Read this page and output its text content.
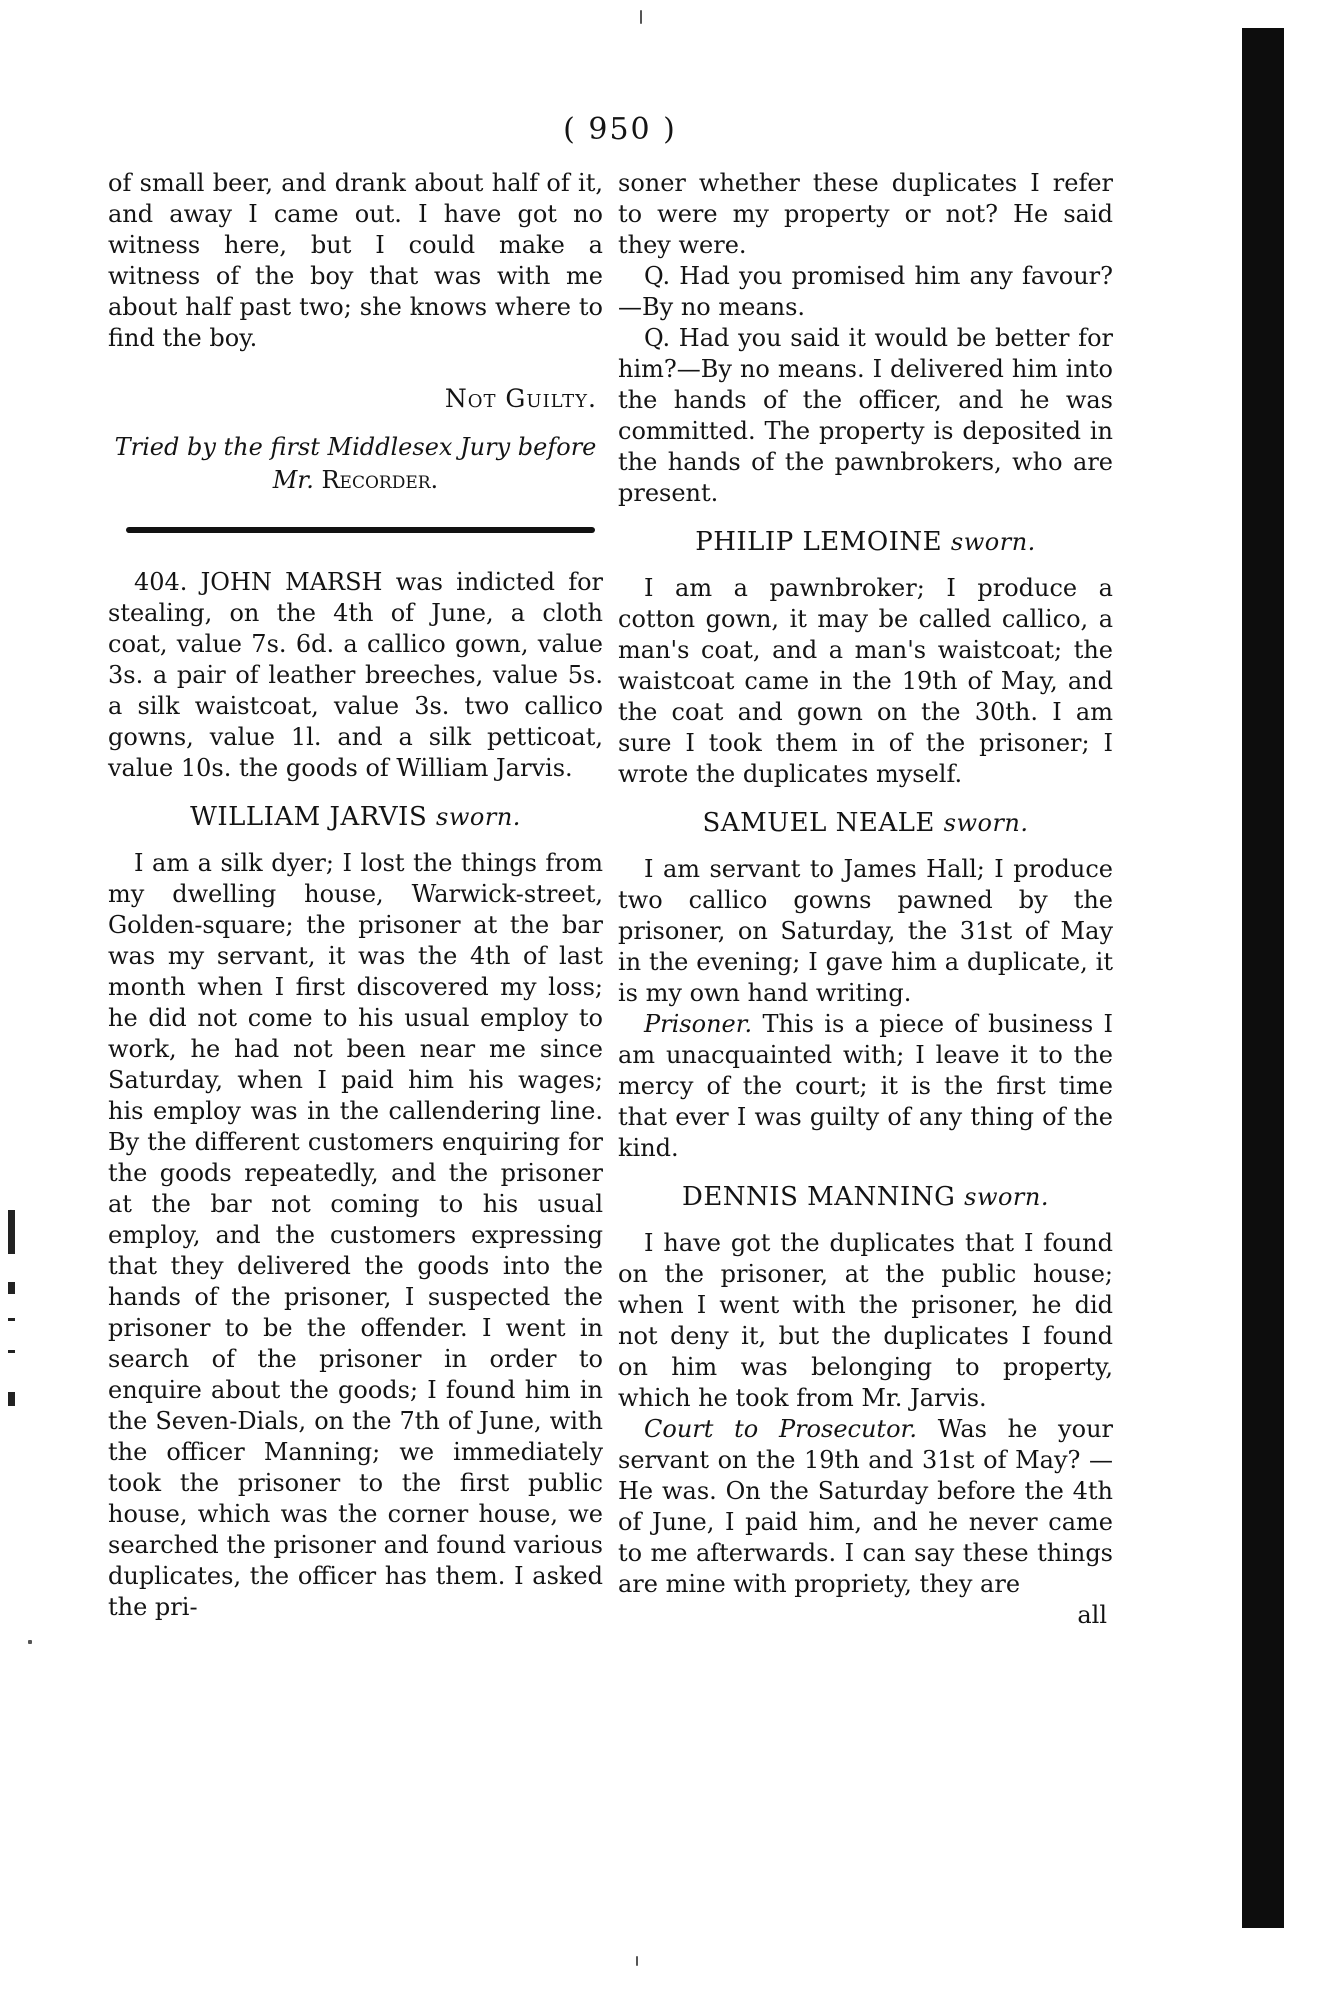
( 950 )

of small beer, and drank about half of it, and away I came out. I have got no witness here, but I could make a witness of the boy that was with me about half past two; she knows where to find the boy.

Not Guilty.
Tried by the first Middlesex Jury before
Mr. Recorder.

404. JOHN MARSH was indicted for stealing, on the 4th of June, a cloth coat, value 7s. 6d. a callico gown, value 3s. a pair of leather breeches, value 5s. a silk waistcoat, value 3s. two callico gowns, value 1l. and a silk petticoat, value 10s. the goods of William Jarvis.

WILLIAM JARVIS sworn.

I am a silk dyer; I lost the things from my dwelling house, Warwick-street, Golden-square; the prisoner at the bar was my servant, it was the 4th of last month when I first discovered my loss; he did not come to his usual employ to work, he had not been near me since Saturday, when I paid him his wages; his employ was in the callendering line. By the different customers enquiring for the goods repeatedly, and the prisoner at the bar not coming to his usual employ, and the customers expressing that they delivered the goods into the hands of the prisoner, I suspected the prisoner to be the offender. I went in search of the prisoner in order to enquire about the goods; I found him in the Seven-Dials, on the 7th of June, with the officer Manning; we immediately took the prisoner to the first public house, which was the corner house, we searched the prisoner and found various duplicates, the officer has them. I asked the pri-

soner whether these duplicates I refer to were my property or not? He said they were.

Q. Had you promised him any favour? —By no means.

Q. Had you said it would be better for him?—By no means. I delivered him into the hands of the officer, and he was committed. The property is deposited in the hands of the pawnbrokers, who are present.

PHILIP LEMOINE sworn.

I am a pawnbroker; I produce a cotton gown, it may be called callico, a man's coat, and a man's waistcoat; the waistcoat came in the 19th of May, and the coat and gown on the 30th. I am sure I took them in of the prisoner; I wrote the duplicates myself.

SAMUEL NEALE sworn.

I am servant to James Hall; I produce two callico gowns pawned by the prisoner, on Saturday, the 31st of May in the evening; I gave him a duplicate, it is my own hand writing.

Prisoner. This is a piece of business I am unacquainted with; I leave it to the mercy of the court; it is the first time that ever I was guilty of any thing of the kind.

DENNIS MANNING sworn.

I have got the duplicates that I found on the prisoner, at the public house; when I went with the prisoner, he did not deny it, but the duplicates I found on him was belonging to property, which he took from Mr. Jarvis.

Court to Prosecutor. Was he your servant on the 19th and 31st of May? —He was. On the Saturday before the 4th of June, I paid him, and he never came to me afterwards. I can say these things are mine with propriety, they are

all
